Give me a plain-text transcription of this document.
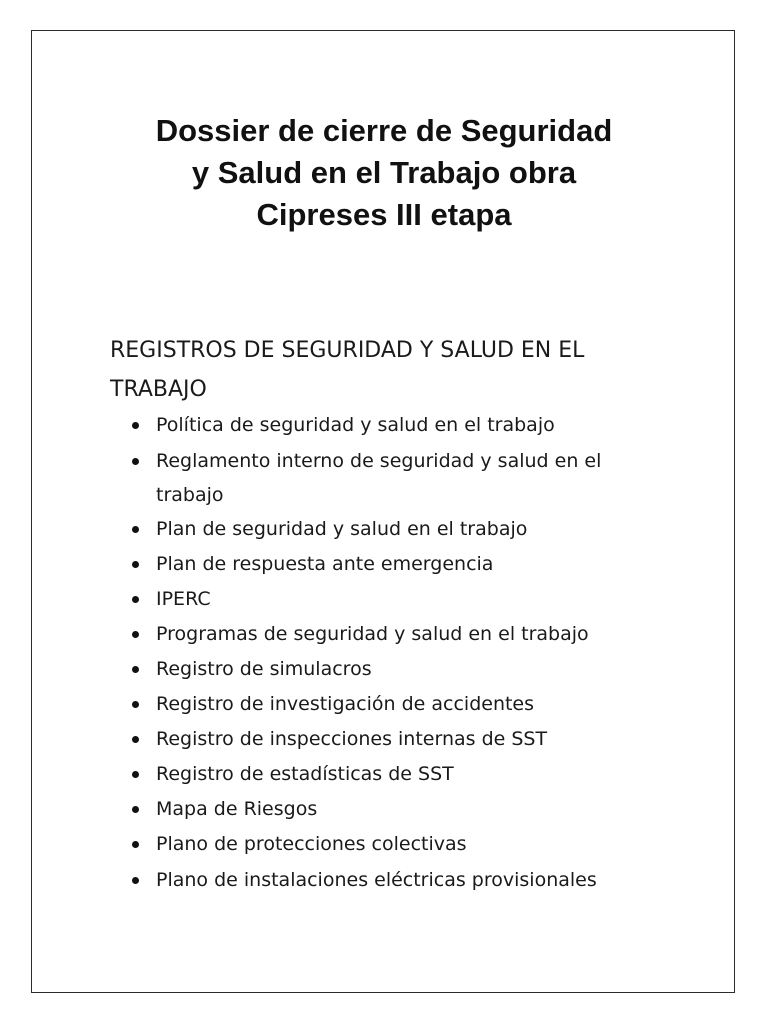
Dossier de cierre de Seguridad
y Salud en el Trabajo obra
Cipreses III etapa
REGISTROS DE SEGURIDAD Y SALUD EN EL
TRABAJO
Política de seguridad y salud en el trabajo
Reglamento interno de seguridad y salud en el
trabajo
Plan de seguridad y salud en el trabajo
Plan de respuesta ante emergencia
IPERC
Programas de seguridad y salud en el trabajo
Registro de simulacros
Registro de investigación de accidentes
Registro de inspecciones internas de SST
Registro de estadísticas de SST
Mapa de Riesgos
Plano de protecciones colectivas
Plano de instalaciones eléctricas provisionales
